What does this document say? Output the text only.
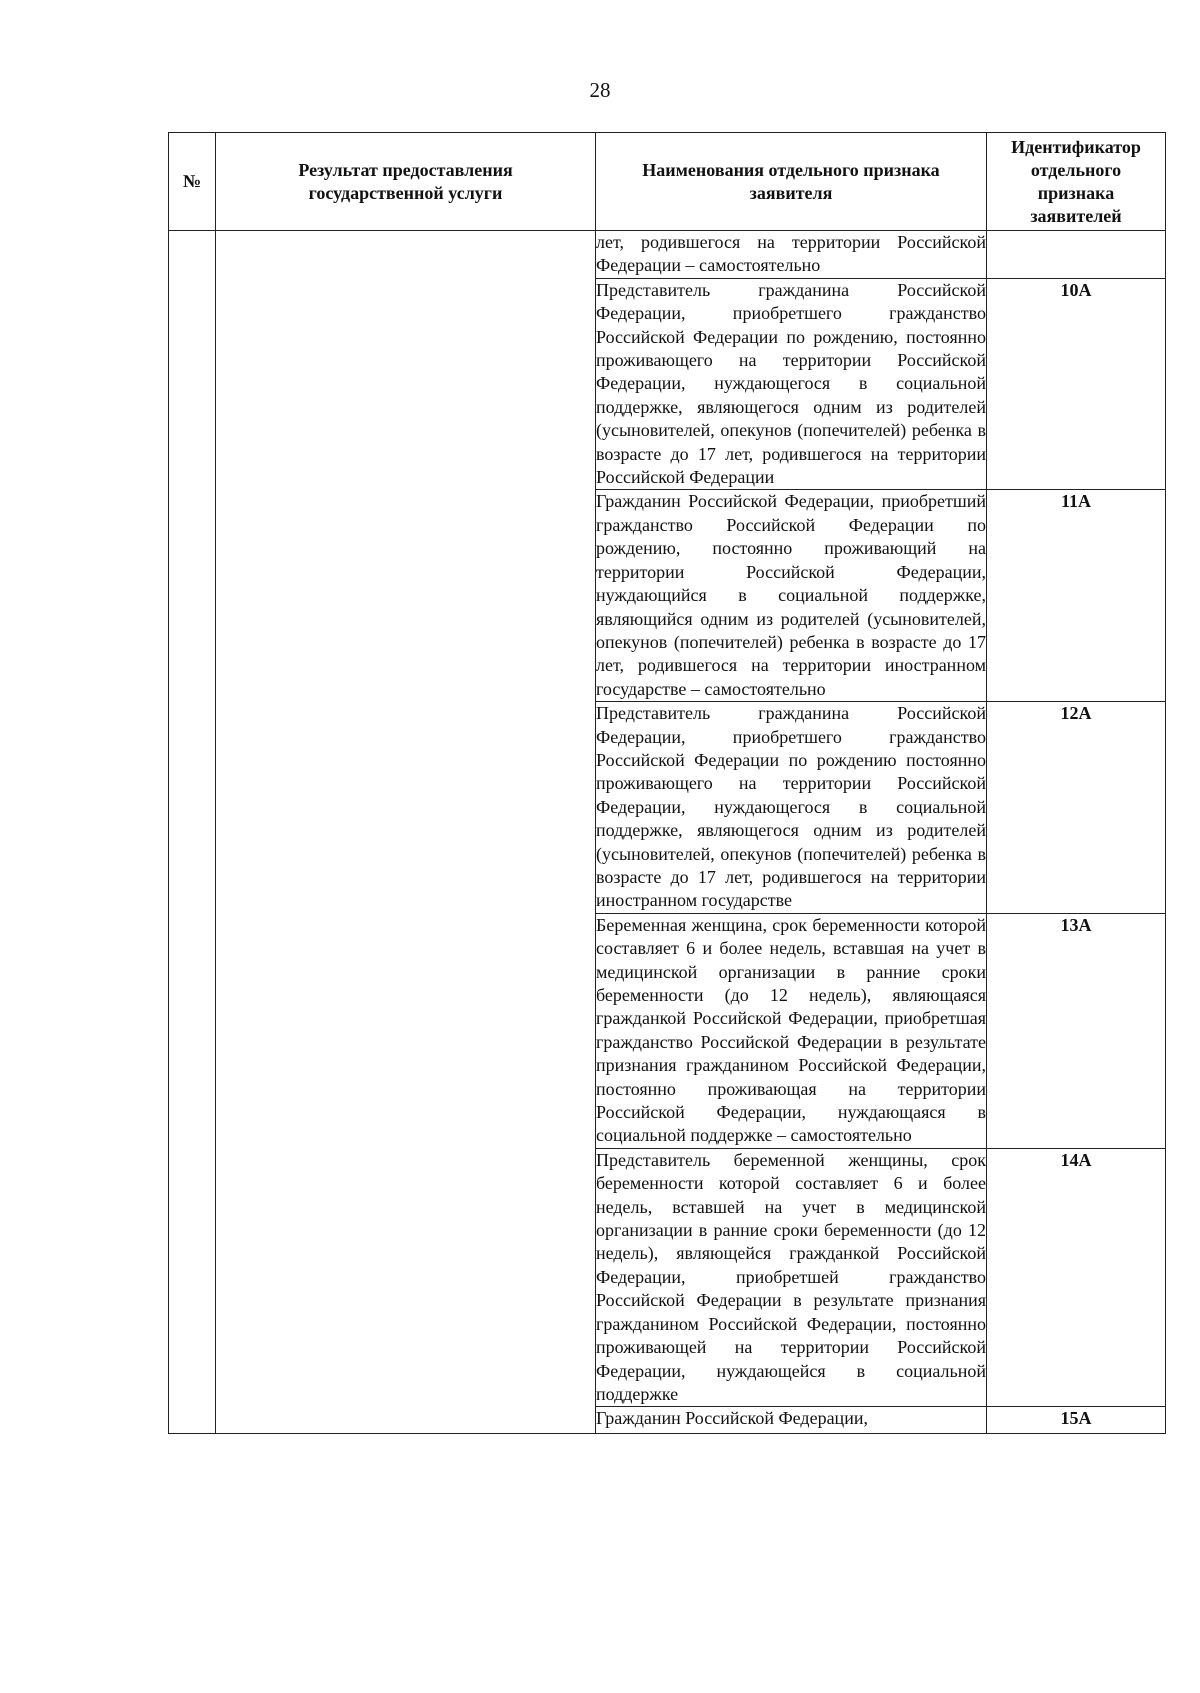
28
№	Результат предоставления государственной услуги	Наименования отдельного признака заявителя	Идентификатор отдельного признака заявителей
		лет, родившегося на территории Российской Федерации – самостоятельно	
		Представитель гражданина Российской Федерации, приобретшего гражданство Российской Федерации по рождению, постоянно проживающего на территории Российской Федерации, нуждающегося в социальной поддержке, являющегося одним из родителей (усыновителей, опекунов (попечителей) ребенка в возрасте до 17 лет, родившегося на территории Российской Федерации	10А
		Гражданин Российской Федерации, приобретший гражданство Российской Федерации по рождению, постоянно проживающий на территории Российской Федерации, нуждающийся в социальной поддержке, являющийся одним из родителей (усыновителей, опекунов (попечителей) ребенка в возрасте до 17 лет, родившегося на территории иностранном государстве – самостоятельно	11А
		Представитель гражданина Российской Федерации, приобретшего гражданство Российской Федерации по рождению постоянно проживающего на территории Российской Федерации, нуждающегося в социальной поддержке, являющегося одним из родителей (усыновителей, опекунов (попечителей) ребенка в возрасте до 17 лет, родившегося на территории иностранном государстве	12А
		Беременная женщина, срок беременности которой составляет 6 и более недель, вставшая на учет в медицинской организации в ранние сроки беременности (до 12 недель), являющаяся гражданкой Российской Федерации, приобретшая гражданство Российской Федерации в результате признания гражданином Российской Федерации, постоянно проживающая на территории Российской Федерации, нуждающаяся в социальной поддержке – самостоятельно	13А
		Представитель беременной женщины, срок беременности которой составляет 6 и более недель, вставшей на учет в медицинской организации в ранние сроки беременности (до 12 недель), являющейся гражданкой Российской Федерации, приобретшей гражданство Российской Федерации в результате признания гражданином Российской Федерации, постоянно проживающей на территории Российской Федерации, нуждающейся в социальной поддержке	14А
		Гражданин Российской Федерации,	15А
